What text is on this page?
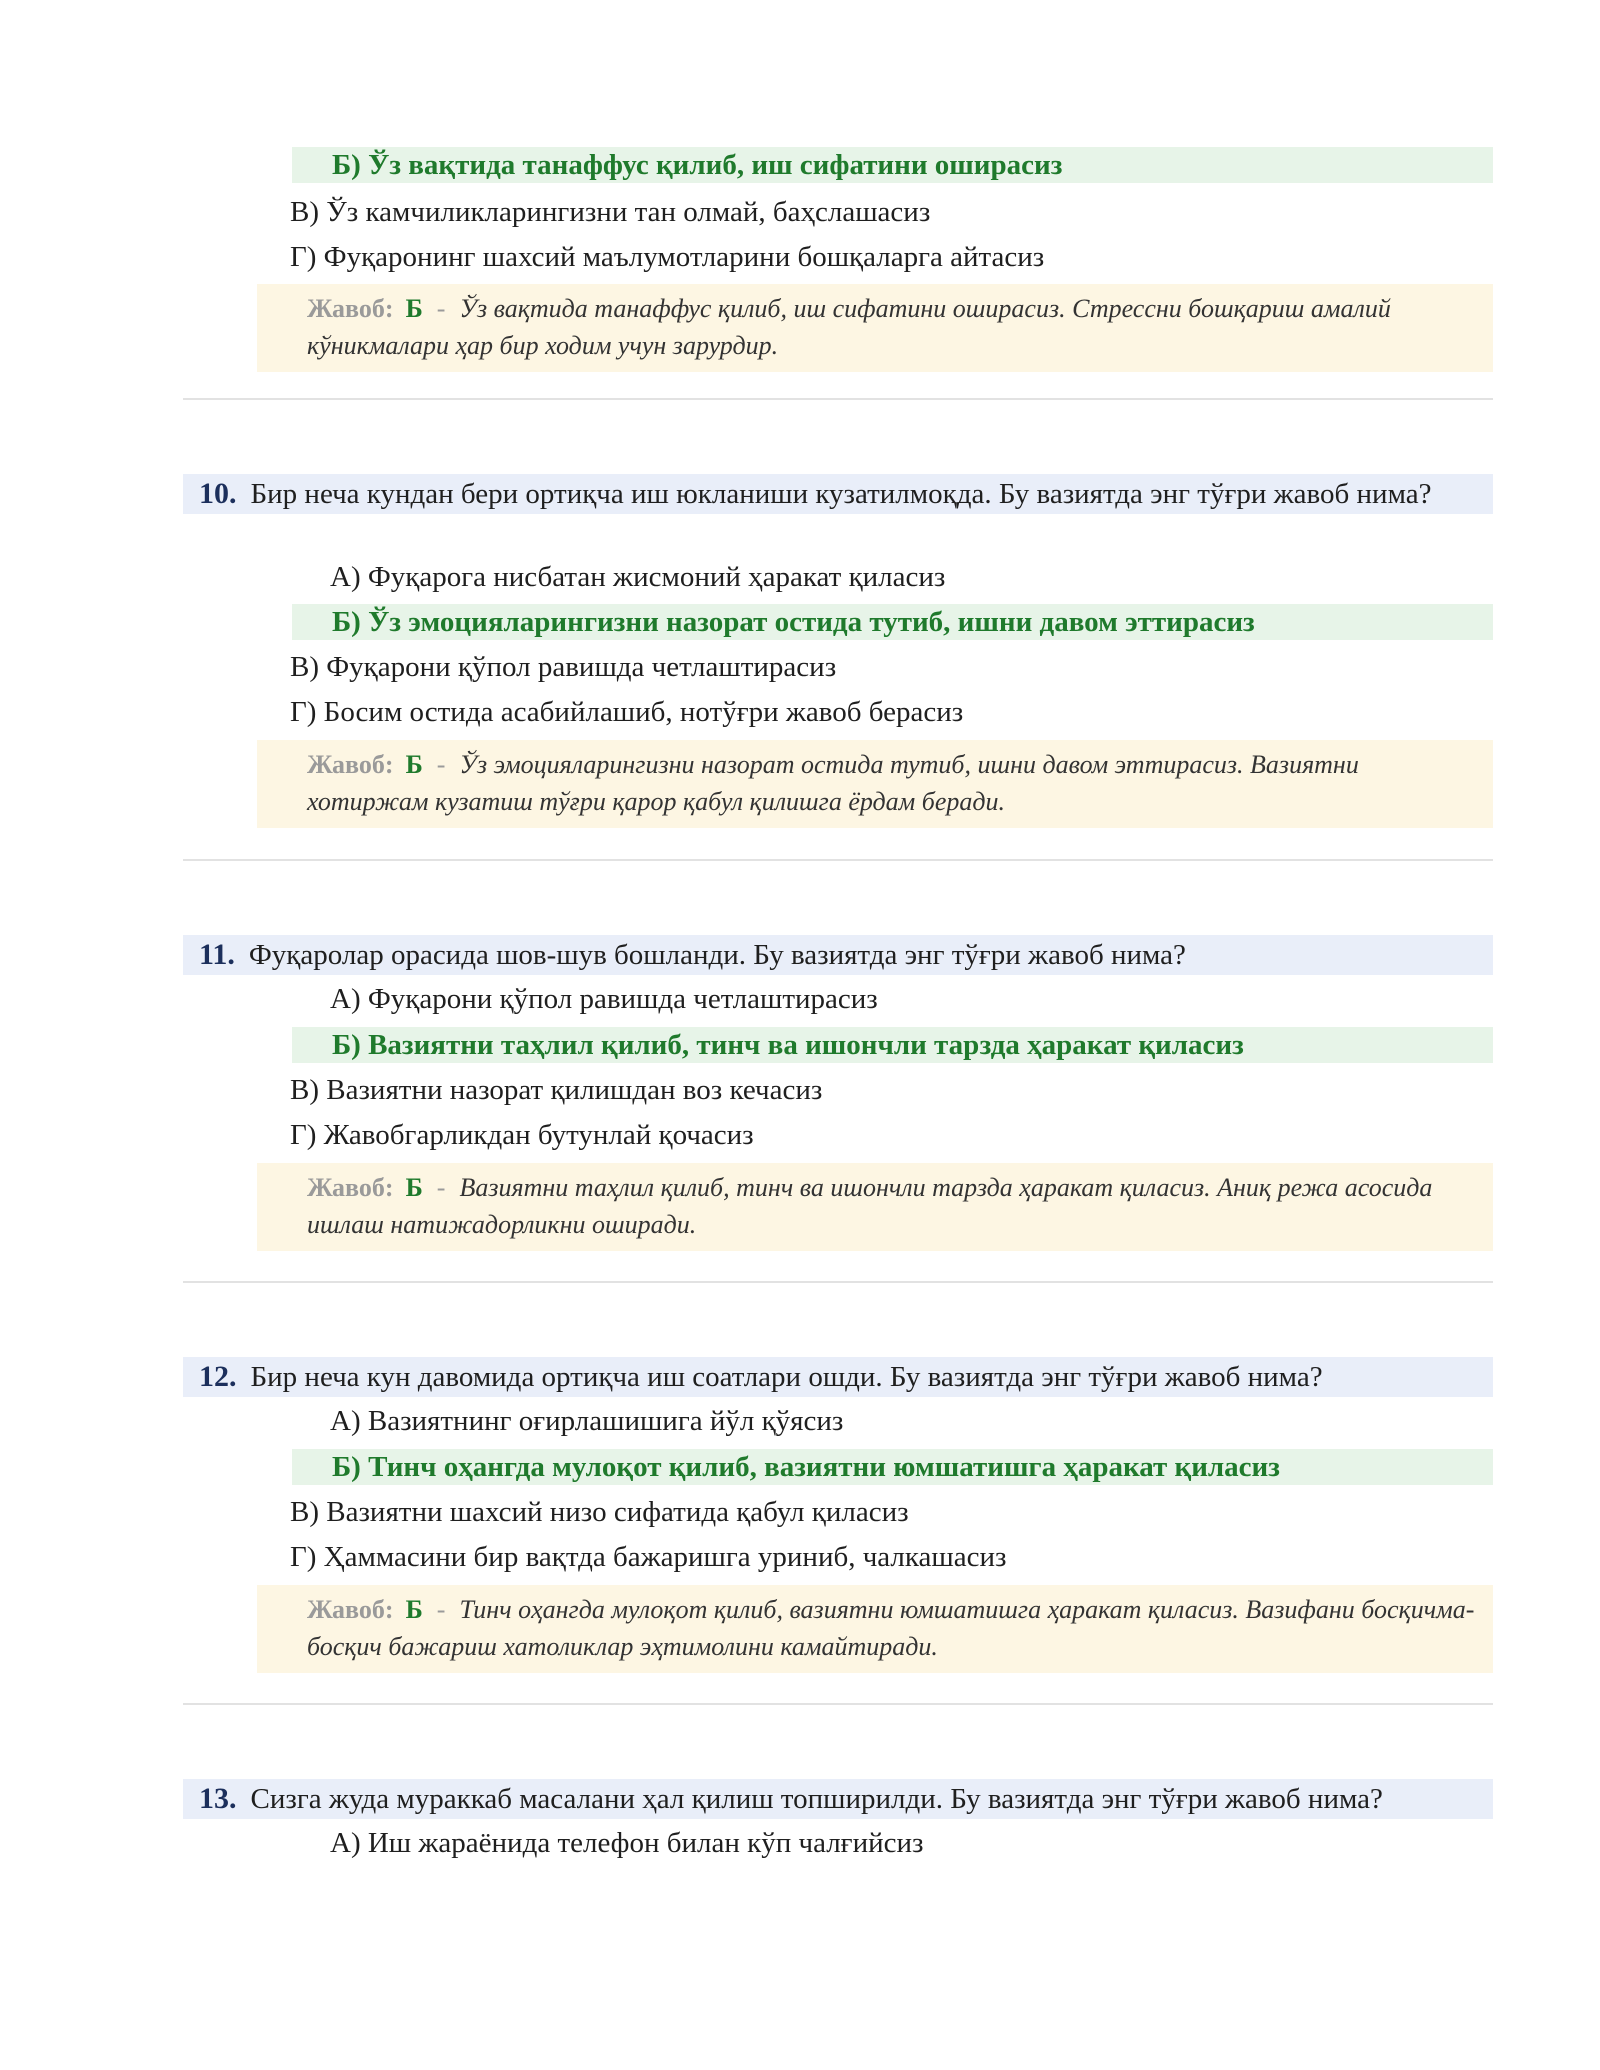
Б) Ўз вақтида танаффус қилиб, иш сифатини оширасиз
В) Ўз камчиликларингизни тан олмай, баҳслашасиз
Г) Фуқаронинг шахсий маълумотларини бошқаларга айтасиз
Жавоб: Б - Ўз вақтида танаффус қилиб, иш сифатини оширасиз. Стрессни бошқариш амалий кўникмалари ҳар бир ходим учун зарурдир.
10. Бир неча кундан бери ортиқча иш юкланиши кузатилмоқда. Бу вазиятда энг тўғри жавоб нима?
А) Фуқарога нисбатан жисмоний ҳаракат қиласиз
Б) Ўз эмоцияларингизни назорат остида тутиб, ишни давом эттирасиз
В) Фуқарони қўпол равишда четлаштирасиз
Г) Босим остида асабийлашиб, нотўғри жавоб берасиз
Жавоб: Б - Ўз эмоцияларингизни назорат остида тутиб, ишни давом эттирасиз. Вазиятни хотиржам кузатиш тўғри қарор қабул қилишга ёрдам беради.
11. Фуқаролар орасида шов-шув бошланди. Бу вазиятда энг тўғри жавоб нима?
А) Фуқарони қўпол равишда четлаштирасиз
Б) Вазиятни таҳлил қилиб, тинч ва ишончли тарзда ҳаракат қиласиз
В) Вазиятни назорат қилишдан воз кечасиз
Г) Жавобгарликдан бутунлай қочасиз
Жавоб: Б - Вазиятни таҳлил қилиб, тинч ва ишончли тарзда ҳаракат қиласиз. Аниқ режа асосида ишлаш натижадорликни оширади.
12. Бир неча кун давомида ортиқча иш соатлари ошди. Бу вазиятда энг тўғри жавоб нима?
А) Вазиятнинг оғирлашишига йўл қўясиз
Б) Тинч оҳангда мулоқот қилиб, вазиятни юмшатишга ҳаракат қиласиз
В) Вазиятни шахсий низо сифатида қабул қиласиз
Г) Ҳаммасини бир вақтда бажаришга уриниб, чалкашасиз
Жавоб: Б - Тинч оҳангда мулоқот қилиб, вазиятни юмшатишга ҳаракат қиласиз. Вазифани босқичма-босқич бажариш хатоликлар эҳтимолини камайтиради.
13. Сизга жуда мураккаб масалани ҳал қилиш топширилди. Бу вазиятда энг тўғри жавоб нима?
А) Иш жараёнида телефон билан кўп чалғийсиз
